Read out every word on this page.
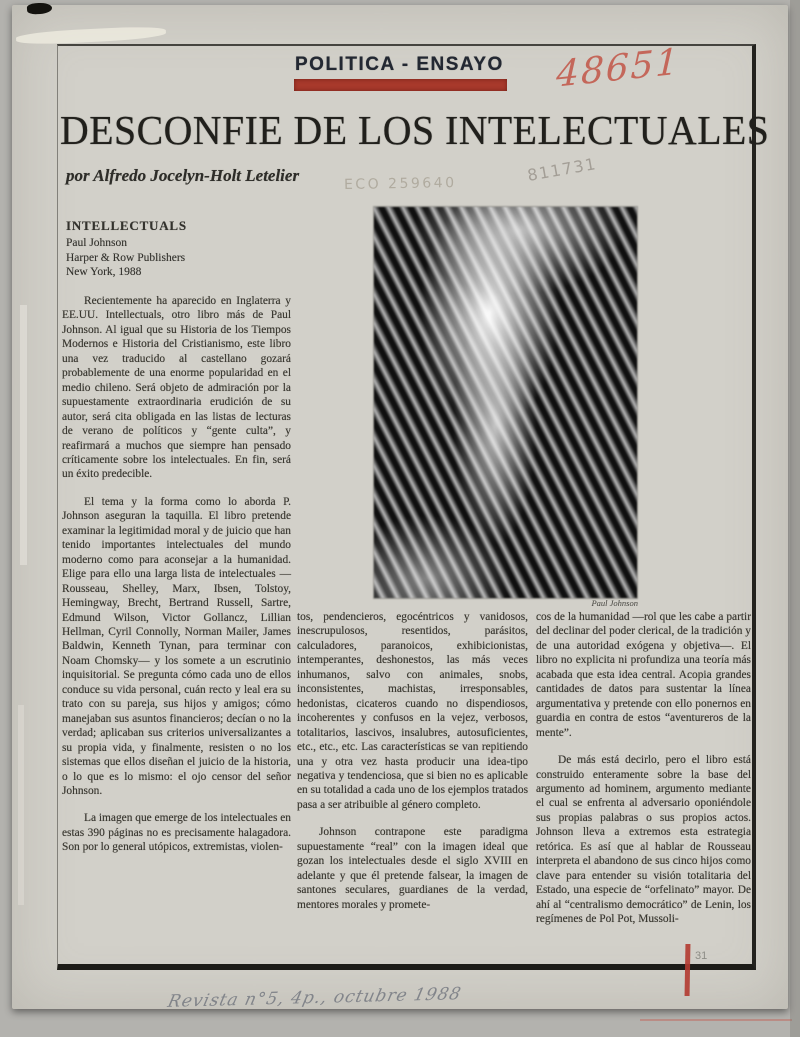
POLITICA - ENSAYO 48651
DESCONFIE DE LOS INTELECTUALES
por Alfredo Jocelyn-Holt Letelier	ECO 259640	811731

INTELLECTUALS

Paul Johnson

Harper & Row Publishers

New York, 1988

Paul Johnson

Recientemente ha aparecido en Inglaterra y EE.UU. Intellectuals, otro libro más de Paul Johnson. Al igual que su Historia de los Tiempos Modernos e Historia del Cristianismo, este libro una vez traducido al castellano gozará probablemente de una enorme popularidad en el medio chileno. Será objeto de admiración por la supuestamente extraordinaria erudición de su autor, será cita obligada en las listas de lecturas de verano de políticos y “gente culta”, y reafirmará a muchos que siempre han pensado críticamente sobre los intelectuales. En fin, será un éxito predecible.

El tema y la forma como lo aborda P. Johnson aseguran la taquilla. El libro pretende examinar la legitimidad moral y de juicio que han tenido importantes intelectuales del mundo moderno como para aconsejar a la humanidad. Elige para ello una larga lista de intelectuales —Rousseau, Shelley, Marx, Ibsen, Tolstoy, Hemingway, Brecht, Bertrand Russell, Sartre, Edmund Wilson, Victor Gollancz, Lillian Hellman, Cyril Connolly, Norman Mailer, James Baldwin, Kenneth Tynan, para terminar con Noam Chomsky— y los somete a un escrutinio inquisitorial. Se pregunta cómo cada uno de ellos conduce su vida personal, cuán recto y leal era su trato con su pareja, sus hijos y amigos; cómo manejaban sus asuntos financieros; decían o no la verdad; aplicaban sus criterios universalizantes a su propia vida, y finalmente, resisten o no los sistemas que ellos diseñan el juicio de la historia, o lo que es lo mismo: el ojo censor del señor Johnson.

La imagen que emerge de los intelectuales en estas 390 páginas no es precisamente halagadora. Son por lo general utópicos, extremistas, violen-

tos, pendencieros, egocéntricos y vanidosos, inescrupulosos, resentidos, parásitos, calculadores, paranoicos, exhibicionistas, intemperantes, deshonestos, las más veces inhumanos, salvo con animales, snobs, inconsistentes, machistas, irresponsables, hedonistas, cicateros cuando no dispendiosos, incoherentes y confusos en la vejez, verbosos, totalitarios, lascivos, insalubres, autosuficientes, etc., etc., etc. Las características se van repitiendo una y otra vez hasta producir una idea-tipo negativa y tendenciosa, que si bien no es aplicable en su totalidad a cada uno de los ejemplos tratados pasa a ser atribuible al género completo.

Johnson contrapone este paradigma supuestamente “real” con la imagen ideal que gozan los intelectuales desde el siglo XVIII en adelante y que él pretende falsear, la imagen de santones seculares, guardianes de la verdad, mentores morales y promete-

cos de la humanidad —rol que les cabe a partir del declinar del poder clerical, de la tradición y de una autoridad exógena y objetiva—. El libro no explicita ni profundiza una teoría más acabada que esta idea central. Acopia grandes cantidades de datos para sustentar la línea argumentativa y pretende con ello ponernos en guardia en contra de estos “aventureros de la mente”.

De más está decirlo, pero el libro está construido enteramente sobre la base del argumento ad hominem, argumento mediante el cual se enfrenta al adversario oponiéndole sus propias palabras o sus propios actos. Johnson lleva a extremos esta estrategia retórica. Es así que al hablar de Rousseau interpreta el abandono de sus cinco hijos como clave para entender su visión totalitaria del Estado, una especie de “orfelinato” mayor. De ahí al “centralismo democrático” de Lenin, los regímenes de Pol Pot, Mussoli-

Revista n°5, 4p., octubre 1988
31
